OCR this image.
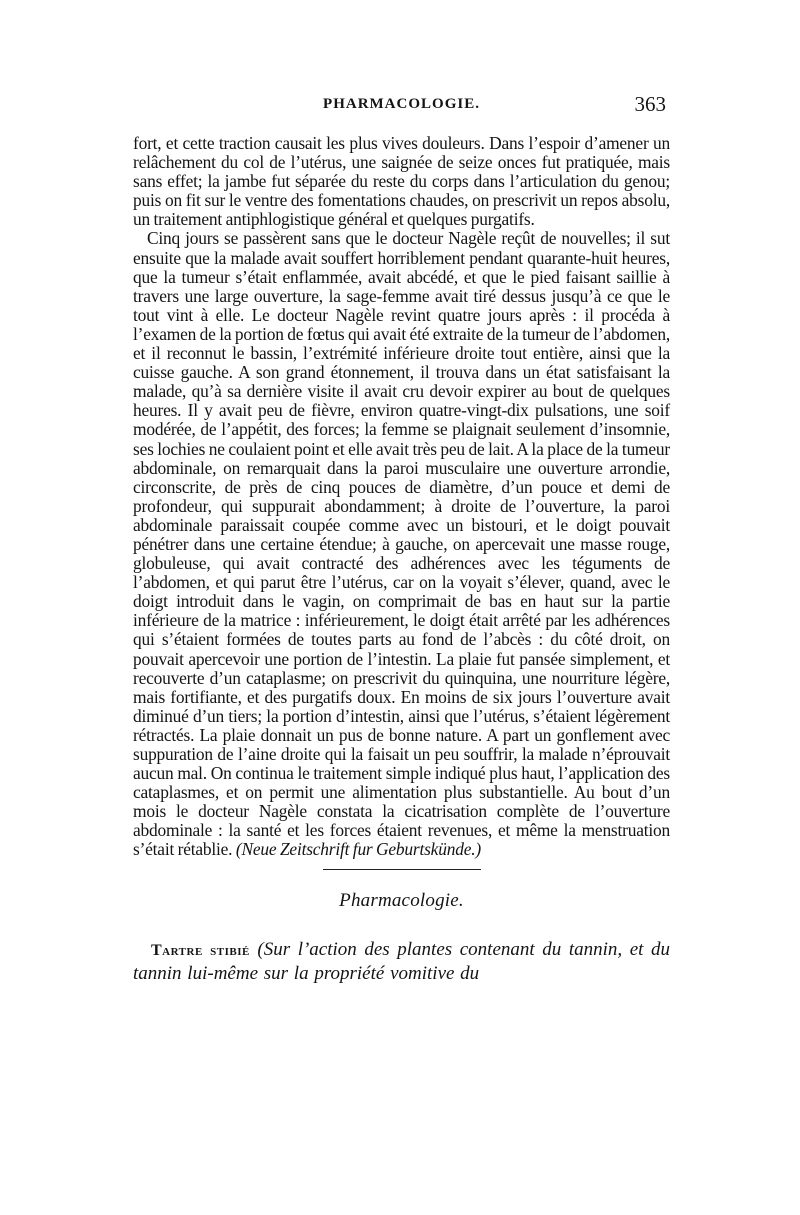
PHARMACOLOGIE.	363

fort, et cette traction causait les plus vives douleurs. Dans l’espoir d’amener un relâchement du col de l’utérus, une saignée de seize onces fut pratiquée, mais sans effet; la jambe fut séparée du reste du corps dans l’articulation du genou; puis on fit sur le ventre des fomentations chaudes, on prescrivit un repos absolu, un traitement antiphlogistique général et quelques purgatifs.

Cinq jours se passèrent sans que le docteur Nagèle reçût de nouvelles; il sut ensuite que la malade avait souffert horriblement pendant quarante-huit heures, que la tumeur s’était enflammée, avait abcédé, et que le pied faisant saillie à travers une large ouverture, la sage-femme avait tiré dessus jusqu’à ce que le tout vint à elle. Le docteur Nagèle revint quatre jours après : il procéda à l’examen de la portion de fœtus qui avait été extraite de la tumeur de l’abdomen, et il reconnut le bassin, l’extrémité inférieure droite tout entière, ainsi que la cuisse gauche. A son grand étonnement, il trouva dans un état satisfaisant la malade, qu’à sa dernière visite il avait cru devoir expirer au bout de quelques heures. Il y avait peu de fièvre, environ quatre-vingt-dix pulsations, une soif modérée, de l’appétit, des forces; la femme se plaignait seulement d’insomnie, ses lochies ne coulaient point et elle avait très peu de lait. A la place de la tumeur abdominale, on remarquait dans la paroi musculaire une ouverture arrondie, circonscrite, de près de cinq pouces de diamètre, d’un pouce et demi de profondeur, qui suppurait abondamment; à droite de l’ouverture, la paroi abdominale paraissait coupée comme avec un bistouri, et le doigt pouvait pénétrer dans une certaine étendue; à gauche, on apercevait une masse rouge, globuleuse, qui avait contracté des adhérences avec les téguments de l’abdomen, et qui parut être l’utérus, car on la voyait s’élever, quand, avec le doigt introduit dans le vagin, on comprimait de bas en haut sur la partie inférieure de la matrice : inférieurement, le doigt était arrêté par les adhérences qui s’étaient formées de toutes parts au fond de l’abcès : du côté droit, on pouvait apercevoir une portion de l’intestin. La plaie fut pansée simplement, et recouverte d’un cataplasme; on prescrivit du quinquina, une nourriture légère, mais fortifiante, et des purgatifs doux. En moins de six jours l’ouverture avait diminué d’un tiers; la portion d’intestin, ainsi que l’utérus, s’étaient légèrement rétractés. La plaie donnait un pus de bonne nature. A part un gonflement avec suppuration de l’aine droite qui la faisait un peu souffrir, la malade n’éprouvait aucun mal. On continua le traitement simple indiqué plus haut, l’application des cataplasmes, et on permit une alimentation plus substantielle. Au bout d’un mois le docteur Nagèle constata la cicatrisation complète de l’ouverture abdominale : la santé et les forces étaient revenues, et même la menstruation s’était rétablie. (Neue Zeitschrift fur Geburtskünde.)

Pharmacologie.

Tartre stibié (Sur l’action des plantes contenant du tannin, et du tannin lui-même sur la propriété vomitive du
